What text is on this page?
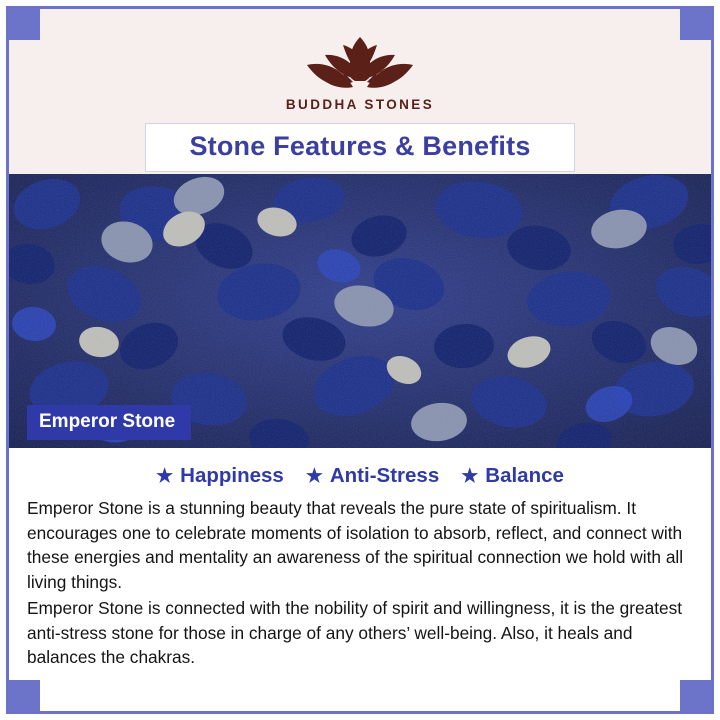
BUDDHA STONES
Stone Features & Benefits
Emperor Stone
★ Happiness ★ Anti-Stress ★ Balance

Emperor Stone is a stunning beauty that reveals the pure state of spiritualism. It encourages one to celebrate moments of isolation to absorb, reflect, and connect with these energies and mentality an awareness of the spiritual connection we hold with all living things.

Emperor Stone is connected with the nobility of spirit and willingness, it is the greatest anti-stress stone for those in charge of any others’ well-being. Also, it heals and balances the chakras.
